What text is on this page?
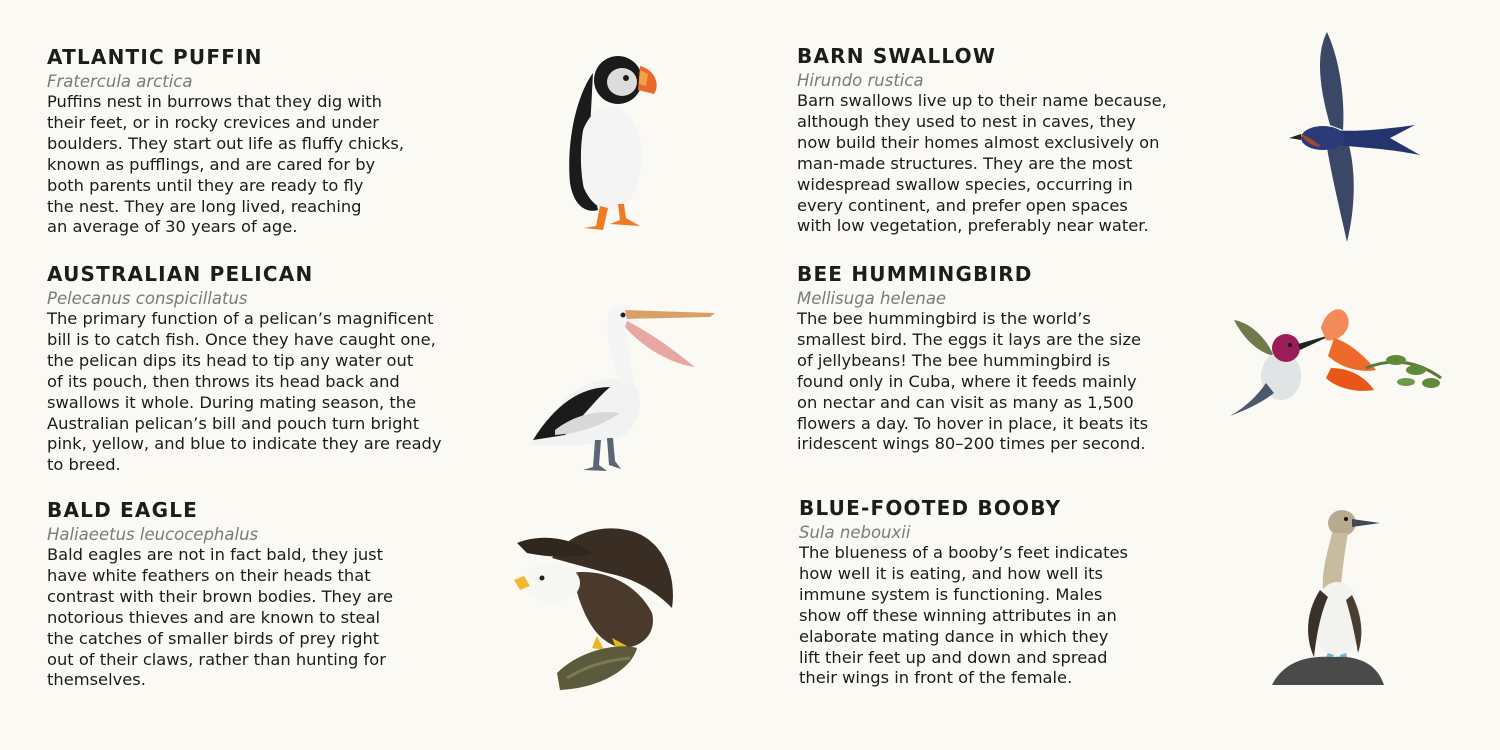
ATLANTIC PUFFIN
Fratercula arctica
Puffins nest in burrows that they dig with
their feet, or in rocky crevices and under
boulders. They start out life as fluffy chicks,
known as pufflings, and are cared for by
both parents until they are ready to fly
the nest. They are long lived, reaching
an average of 30 years of age.
AUSTRALIAN PELICAN
Pelecanus conspicillatus
The primary function of a pelican’s magnificent
bill is to catch fish. Once they have caught one,
the pelican dips its head to tip any water out
of its pouch, then throws its head back and
swallows it whole. During mating season, the
Australian pelican’s bill and pouch turn bright
pink, yellow, and blue to indicate they are ready
to breed.
BALD EAGLE
Haliaeetus leucocephalus
Bald eagles are not in fact bald, they just
have white feathers on their heads that
contrast with their brown bodies. They are
notorious thieves and are known to steal
the catches of smaller birds of prey right
out of their claws, rather than hunting for
themselves.
BARN SWALLOW
Hirundo rustica
Barn swallows live up to their name because,
although they used to nest in caves, they
now build their homes almost exclusively on
man-made structures. They are the most
widespread swallow species, occurring in
every continent, and prefer open spaces
with low vegetation, preferably near water.
BEE HUMMINGBIRD
Mellisuga helenae
The bee hummingbird is the world’s
smallest bird. The eggs it lays are the size
of jellybeans! The bee hummingbird is
found only in Cuba, where it feeds mainly
on nectar and can visit as many as 1,500
flowers a day. To hover in place, it beats its
iridescent wings 80–200 times per second.
BLUE-FOOTED BOOBY
Sula nebouxii
The blueness of a booby’s feet indicates
how well it is eating, and how well its
immune system is functioning. Males
show off these winning attributes in an
elaborate mating dance in which they
lift their feet up and down and spread
their wings in front of the female.
